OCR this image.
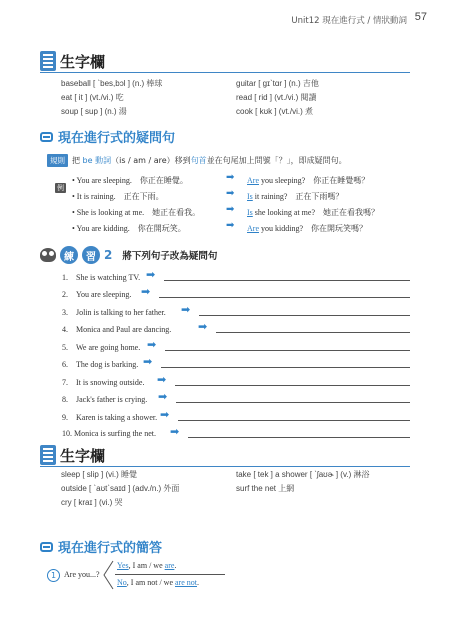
Unit12 現在進行式 / 情狀動詞 57
生字欄
baseball [ ˋbes,bɔl ] (n.) 棒球	guitar [ gɪˋtɑr ] (n.) 吉他
eat [ it ] (vt./vi.) 吃	read [ rid ] (vt./vi.) 閱讀
soup [ sup ] (n.) 湯	cook [ kʊk ] (vt./vi.) 煮
現在進行式的疑問句
規則 把 be 動詞（is / am / are）移到句首並在句尾加上問號「？」，即成疑問句。
例
• You are sleeping.　你正在睡覺。	➡ Are you sleeping?　你正在睡覺嗎？
• It is raining.　正在下雨。	➡ Is it raining?　正在下雨嗎？
• She is looking at me.　她正在看我。	➡ Is she looking at me?　她正在看我嗎？
• You are kidding.　你在開玩笑。	➡ Are you kidding?　你在開玩笑嗎？
練	習 2 將下列句子改為疑問句
1.　She is watching TV. ➡
2.　You are sleeping. ➡
3.　Jolin is talking to her father. ➡
4.　Monica and Paul are dancing. ➡
5.　We are going home. ➡
6.　The dog is barking. ➡
7.　It is snowing outside. ➡
8.　Jack's father is crying. ➡
9.　Karen is taking a shower. ➡
10. Monica is surfing the net. ➡
生字欄
sleep [ slip ] (vi.) 睡覺	take [ tek ] a shower [ ˋʃaʊɚ ] (v.) 淋浴
outside [ ˋaʊtˋsaɪd ] (adv./n.) 外面	surf the net 上網
cry [ kraɪ ] (vi.) 哭
現在進行式的簡答
1 Are you...?
Yes, I am / we are.
No, I am not / we are not.
